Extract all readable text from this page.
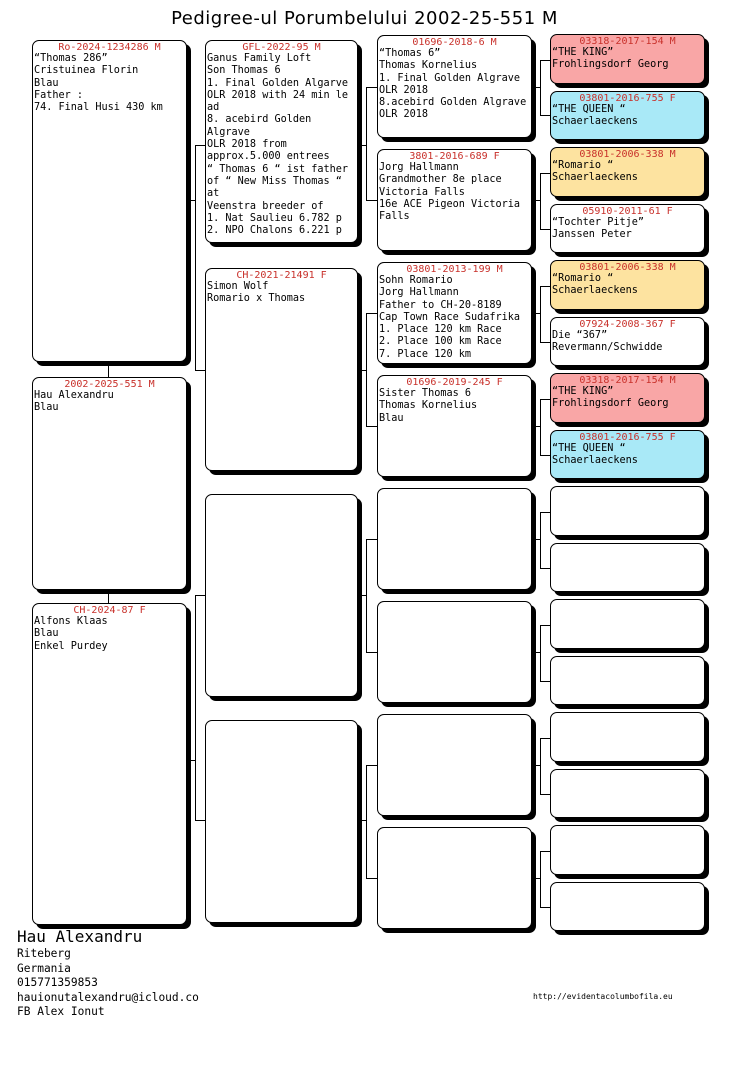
Pedigree-ul Porumbelului 2002-25-551 M
Ro-2024-1234286 M
“Thomas 286”
Cristuinea Florin
Blau
Father :
74. Final Husi 430 km
2002-2025-551 M
Hau Alexandru
Blau
CH-2024-87 F
Alfons Klaas
Blau
Enkel Purdey
GFL-2022-95 M
Ganus Family Loft
Son Thomas 6
1. Final Golden Algarve
OLR 2018 with 24 min le
ad
8. acebird Golden
Algrave
OLR 2018 from
approx.5.000 entrees
“ Thomas 6 “ ist father
of “ New Miss Thomas “
at
Veenstra breeder of
1. Nat Saulieu 6.782 p
2. NPO Chalons 6.221 p
CH-2021-21491 F
Simon Wolf
Romario x Thomas
01696-2018-6 M
“Thomas 6”
Thomas Kornelius
1. Final Golden Algrave
OLR 2018
8.acebird Golden Algrave
OLR 2018
3801-2016-689 F
Jorg Hallmann
Grandmother 8e place
Victoria Falls
16e ACE Pigeon Victoria
Falls
03801-2013-199 M
Sohn Romario
Jorg Hallmann
Father to CH-20-8189
Cap Town Race Sudafrika
1. Place 120 km Race
2. Place 100 km Race
7. Place 120 km
01696-2019-245 F
Sister Thomas 6
Thomas Kornelius
Blau
03318-2017-154 M
“THE KING”
Frohlingsdorf Georg
03801-2016-755 F
“THE QUEEN “
Schaerlaeckens
03801-2006-338 M
“Romario “
Schaerlaeckens
05910-2011-61 F
“Tochter Pitje”
Janssen Peter
03801-2006-338 M
“Romario “
Schaerlaeckens
07924-2008-367 F
Die “367”
Revermann/Schwidde
03318-2017-154 M
“THE KING”
Frohlingsdorf Georg
03801-2016-755 F
“THE QUEEN “
Schaerlaeckens
Hau Alexandru
Riteberg
Germania
015771359853
hauionutalexandru@icloud.co
FB Alex Ionut
http://evidentacolumbofila.eu
